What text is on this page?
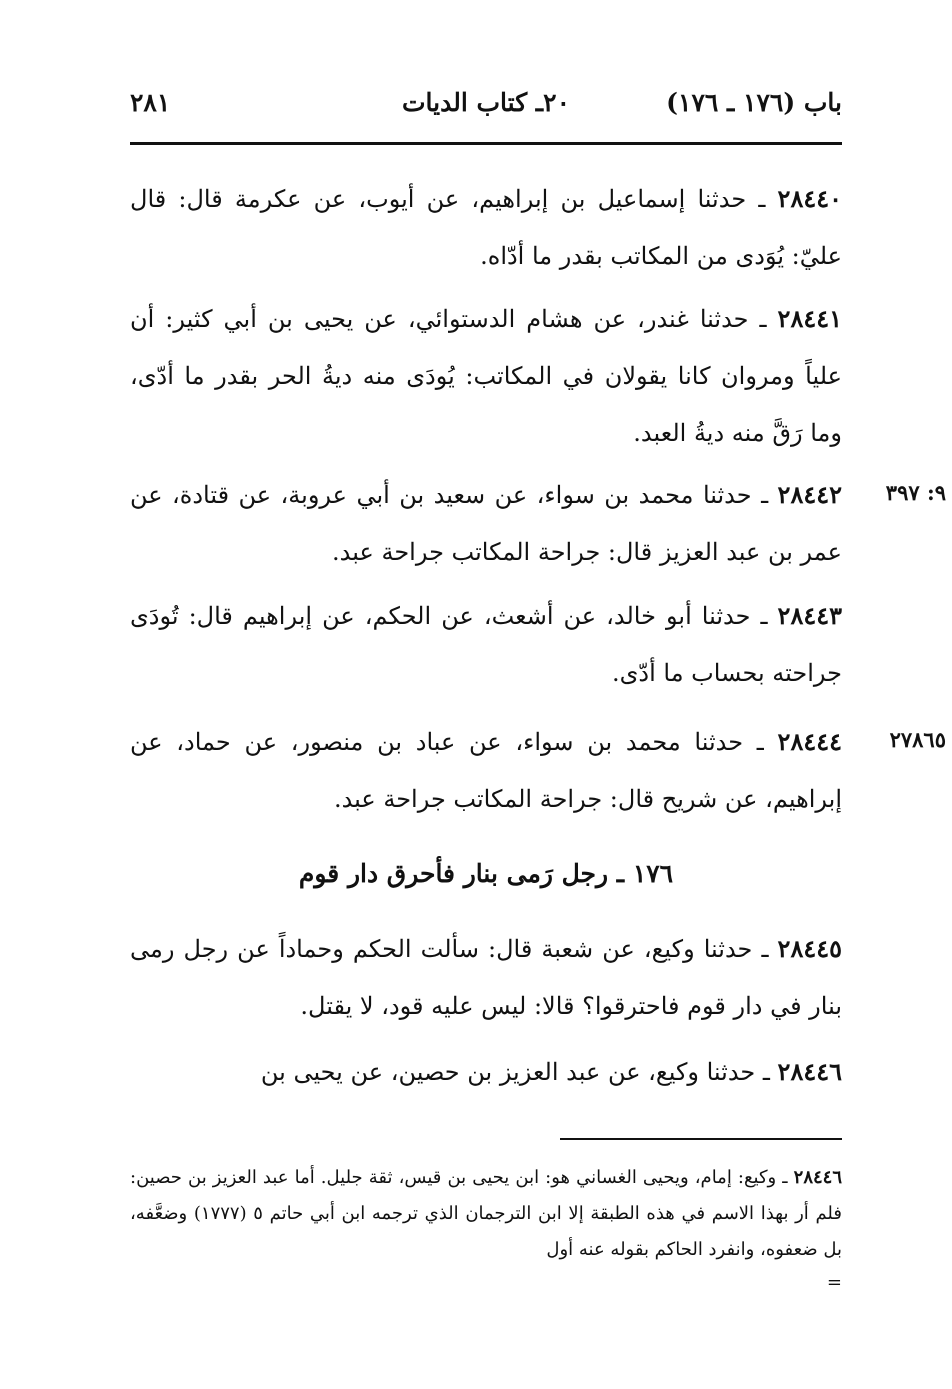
باب (١٧٦ ـ ١٧٦)
٢٠ـ كتاب الديات
٢٨١
٢٨٤٤٠ ـ حدثنا إسماعيل بن إبراهيم، عن أيوب، عن عكرمة قال: قال عليّ: يُوَدى من المكاتب بقدر ما أدّاه.
٢٨٤٤١ ـ حدثنا غندر، عن هشام الدستوائي، عن يحيى بن أبي كثير: أن علياً ومروان كانا يقولان في المكاتب: يُودَى منه ديةُ الحر بقدر ما أدّى، وما رَقَّ منه ديةُ العبد.
٢٨٤٤٢ ـ حدثنا محمد بن سواء، عن سعيد بن أبي عروبة، عن قتادة، عن عمر بن عبد العزيز قال: جراحة المكاتب جراحة عبد.
٩: ٣٩٧
٢٨٤٤٣ ـ حدثنا أبو خالد، عن أشعث، عن الحكم، عن إبراهيم قال: تُودَى جراحته بحساب ما أدّى.
٢٨٤٤٤ ـ حدثنا محمد بن سواء، عن عباد بن منصور، عن حماد، عن إبراهيم، عن شريح قال: جراحة المكاتب جراحة عبد.
٢٧٨٦٥
١٧٦ ـ رجل رَمى بنار فأحرق دار قوم
٢٨٤٤٥ ـ حدثنا وكيع، عن شعبة قال: سألت الحكم وحماداً عن رجل رمى بنار في دار قوم فاحترقوا؟ قالا: ليس عليه قود، لا يقتل.
٢٨٤٤٦ ـ حدثنا وكيع، عن عبد العزيز بن حصين، عن يحيى بن
٢٨٤٤٦ ـ وكيع: إمام، ويحيى الغساني هو: ابن يحيى بن قيس، ثقة جليل. أما عبد العزيز بن حصين: فلم أر بهذا الاسم في هذه الطبقة إلا ابن الترجمان الذي ترجمه ابن أبي حاتم ٥ (١٧٧٧) وضعَّفه، بل ضعفوه، وانفرد الحاكم بقوله عنه أول
=
